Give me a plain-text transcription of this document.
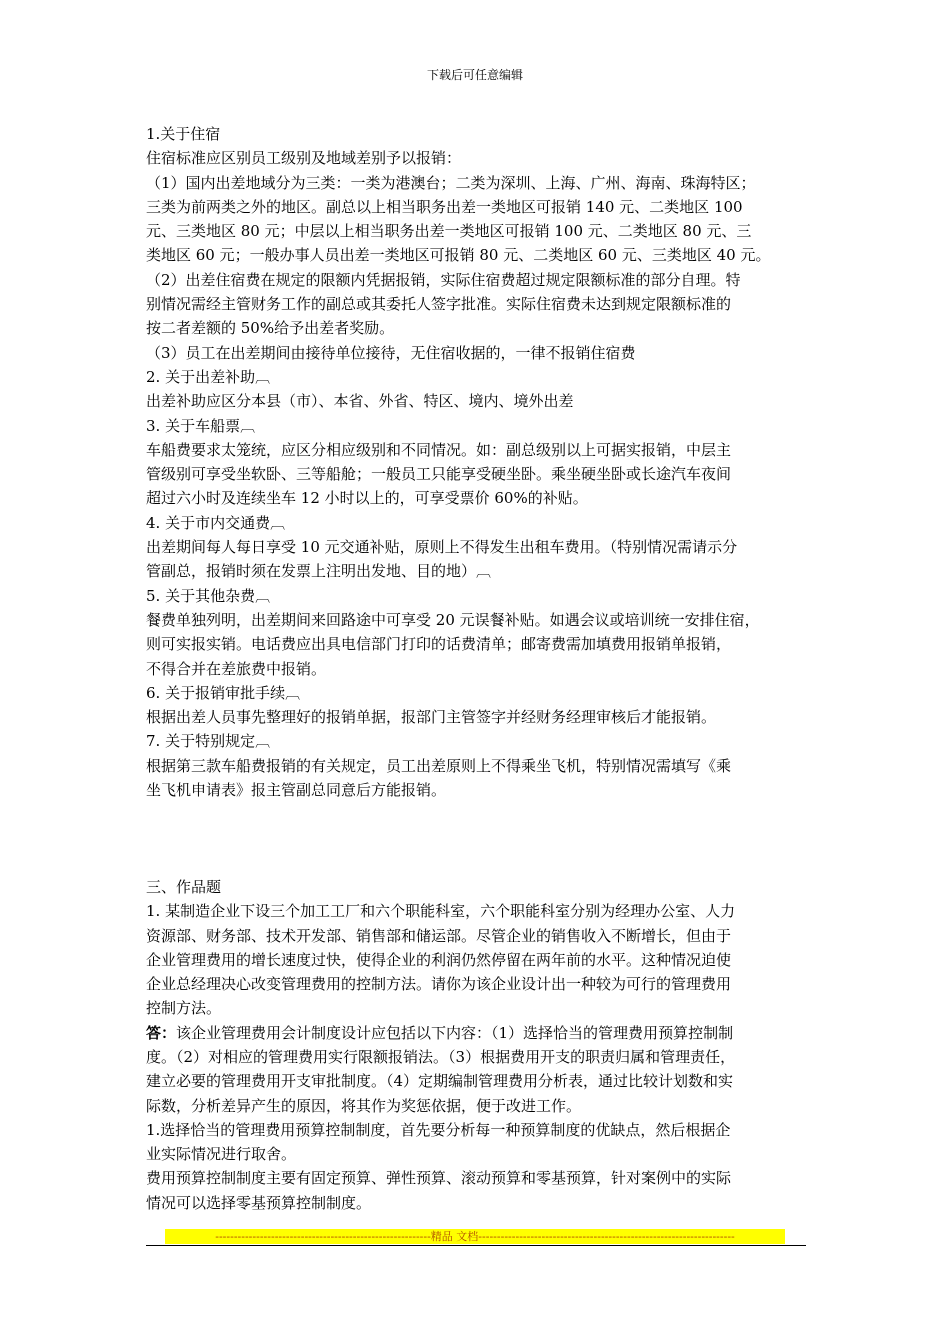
下载后可任意编辑

1.关于住宿

住宿标准应区别员工级别及地域差别予以报销：

（1）国内出差地域分为三类：一类为港澳台；二类为深圳、上海、广州、海南、珠海特区；

三类为前两类之外的地区。副总以上相当职务出差一类地区可报销 140 元、二类地区 100

元、三类地区 80 元；中层以上相当职务出差一类地区可报销 100 元、二类地区 80 元、三

类地区 60 元；一般办事人员出差一类地区可报销 80 元、二类地区 60 元、三类地区 40 元。

（2）出差住宿费在规定的限额内凭据报销，实际住宿费超过规定限额标准的部分自理。特

别情况需经主管财务工作的副总或其委托人签字批准。实际住宿费未达到规定限额标准的

按二者差额的 50%给予出差者奖励。

（3）员工在出差期间由接待单位接待，无住宿收据的，一律不报销住宿费

2. 关于出差补助︹

出差补助应区分本县（市）、本省、外省、特区、境内、境外出差

3. 关于车船票︹

车船费要求太笼统，应区分相应级别和不同情况。如：副总级别以上可据实报销，中层主

管级别可享受坐软卧、三等船舱；一般员工只能享受硬坐卧。乘坐硬坐卧或长途汽车夜间

超过六小时及连续坐车 12 小时以上的，可享受票价 60%的补贴。

4. 关于市内交通费︹

出差期间每人每日享受 10 元交通补贴，原则上不得发生出租车费用。（特别情况需请示分

管副总，报销时须在发票上注明出发地、目的地）︹

5. 关于其他杂费︹

餐费单独列明，出差期间来回路途中可享受 20 元误餐补贴。如遇会议或培训统一安排住宿，

则可实报实销。电话费应出具电信部门打印的话费清单；邮寄费需加填费用报销单报销，

不得合并在差旅费中报销。

6. 关于报销审批手续︹

根据出差人员事先整理好的报销单据，报部门主管签字并经财务经理审核后才能报销。

7. 关于特别规定︹

根据第三款车船费报销的有关规定，员工出差原则上不得乘坐飞机，特别情况需填写《乘

坐飞机申请表》报主管副总同意后方能报销。

三、作品题

1. 某制造企业下设三个加工工厂和六个职能科室，六个职能科室分别为经理办公室、人力

资源部、财务部、技术开发部、销售部和储运部。尽管企业的销售收入不断增长，但由于

企业管理费用的增长速度过快，使得企业的利润仍然停留在两年前的水平。这种情况迫使

企业总经理决心改变管理费用的控制方法。请你为该企业设计出一种较为可行的管理费用

控制方法。

答：该企业管理费用会计制度设计应包括以下内容：（1）选择恰当的管理费用预算控制制

度。（2）对相应的管理费用实行限额报销法。（3）根据费用开支的职责归属和管理责任，

建立必要的管理费用开支审批制度。（4）定期编制管理费用分析表，通过比较计划数和实

际数，分析差异产生的原因，将其作为奖惩依据，便于改进工作。

1.选择恰当的管理费用预算控制制度，首先要分析每一种预算制度的优缺点，然后根据企

业实际情况进行取舍。

费用预算控制制度主要有固定预算、弹性预算、滚动预算和零基预算，针对案例中的实际

情况可以选择零基预算控制制度。

----------------------------------------------------------精品 文档---------------------------------------------------------------------
